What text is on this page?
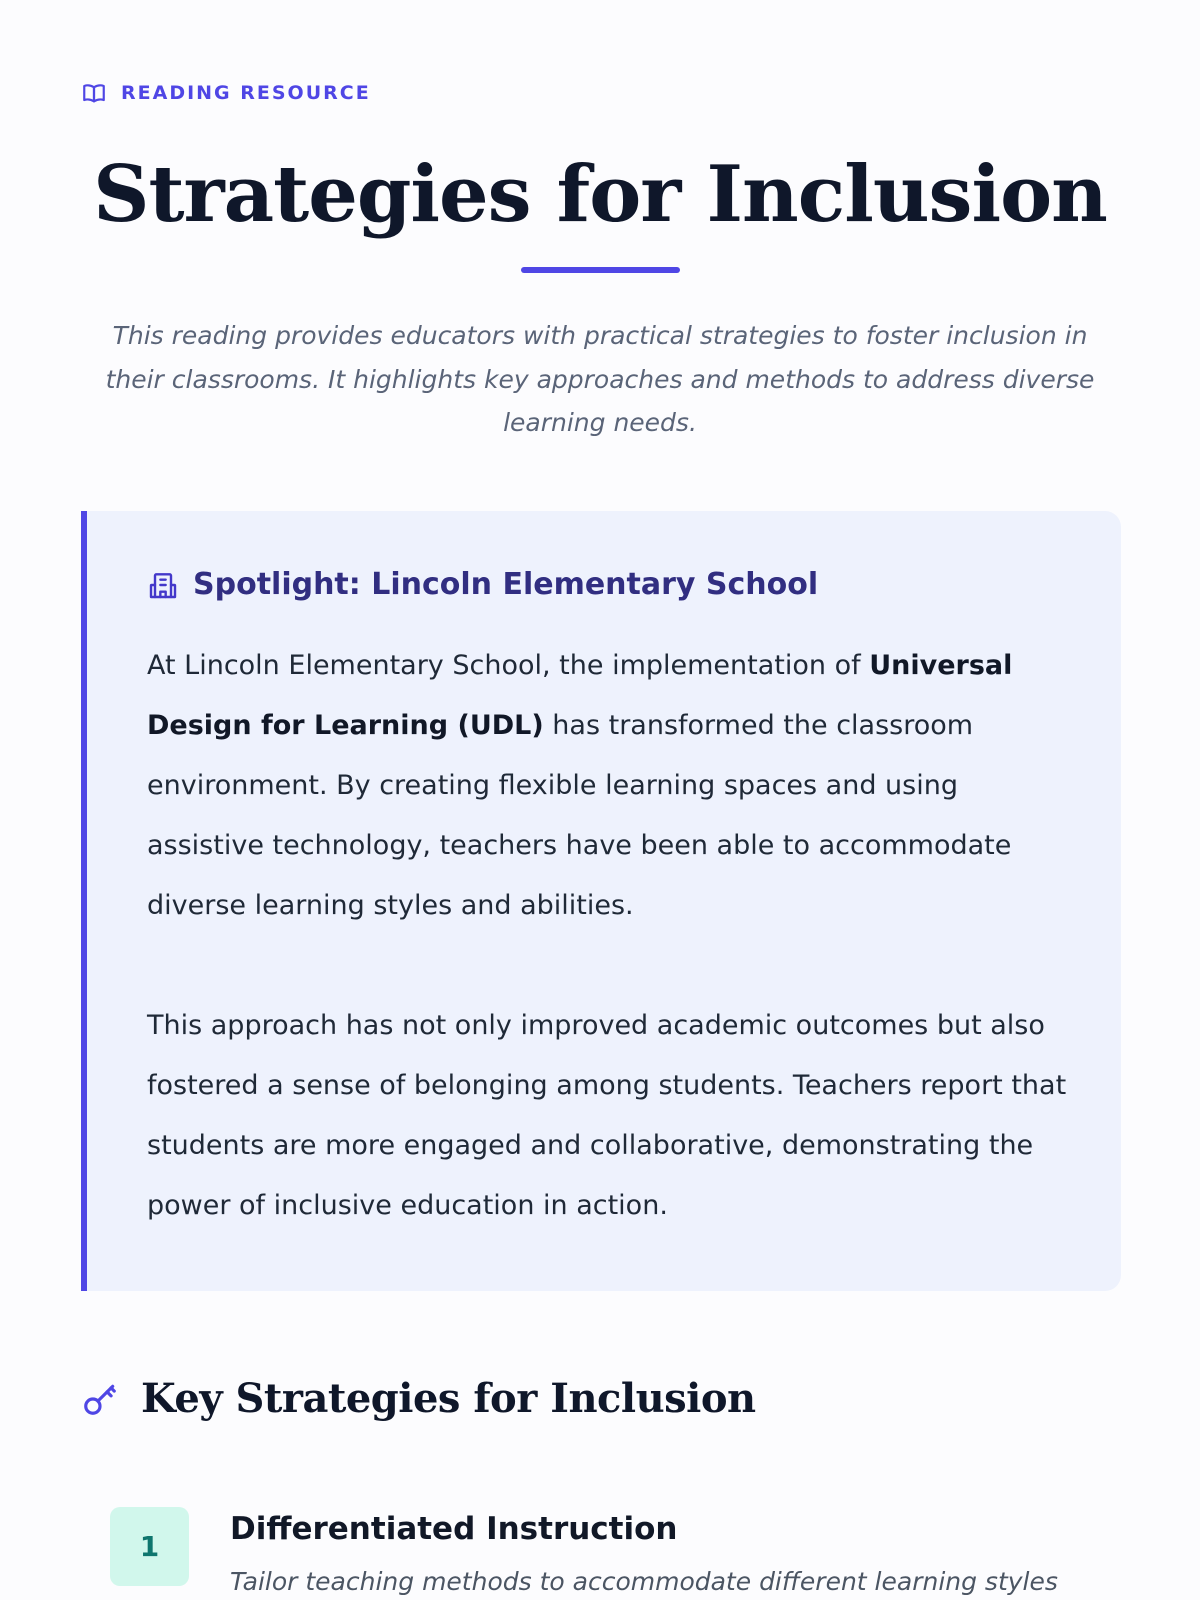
READING RESOURCE
Strategies for Inclusion

This reading provides educators with practical strategies to foster inclusion in their classrooms. It highlights key approaches and methods to address diverse learning needs.

Spotlight: Lincoln Elementary School

At Lincoln Elementary School, the implementation of Universal Design for Learning (UDL) has transformed the classroom environment. By creating flexible learning spaces and using assistive technology, teachers have been able to accommodate diverse learning styles and abilities.

This approach has not only improved academic outcomes but also fostered a sense of belonging among students. Teachers report that students are more engaged and collaborative, demonstrating the power of inclusive education in action.

Key Strategies for Inclusion
1	Differentiated Instruction
Tailor teaching methods to accommodate different learning styles
